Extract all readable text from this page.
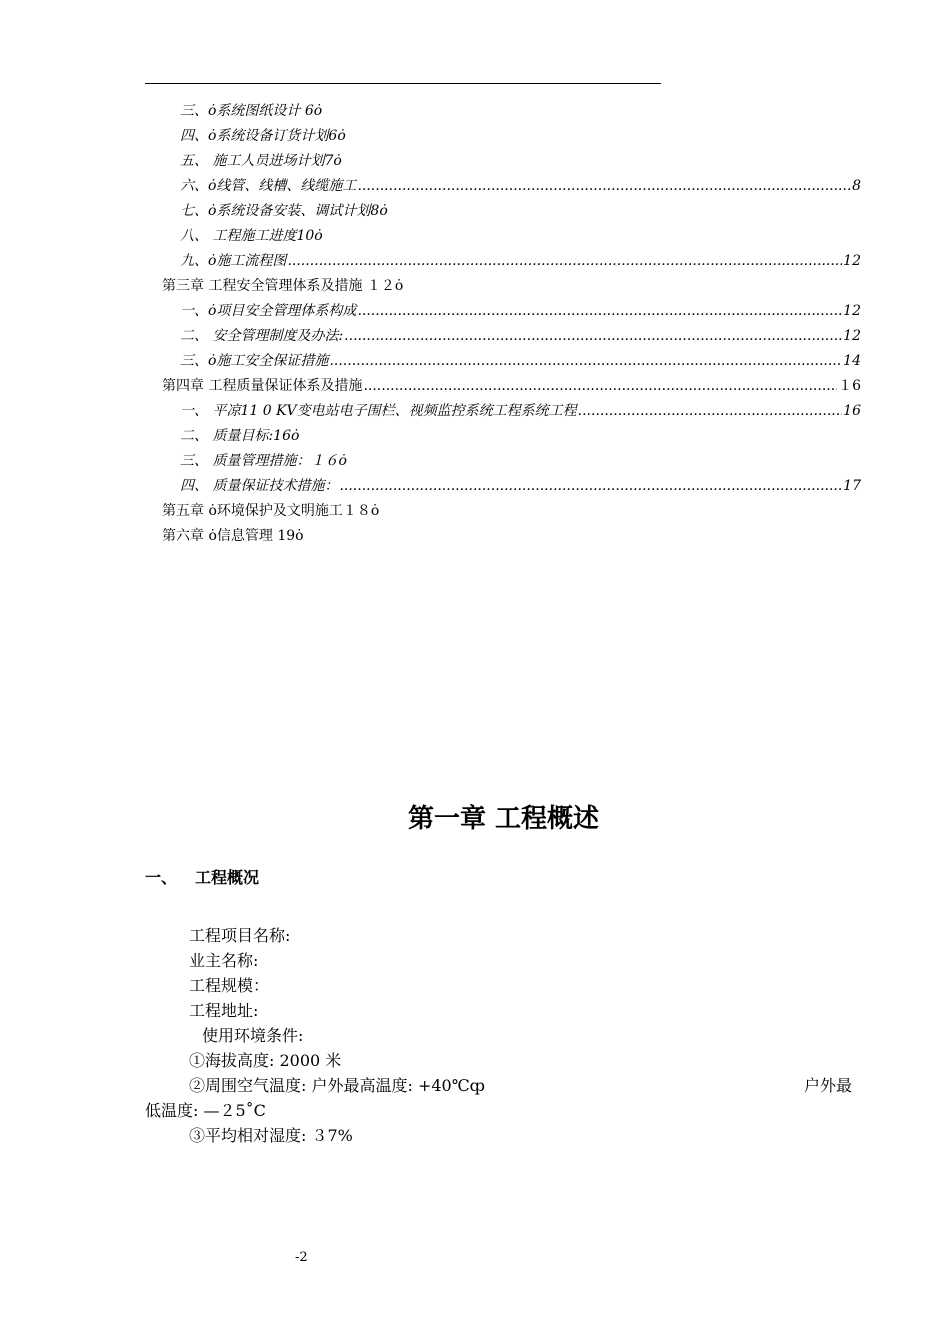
三、ȯ系统图纸设计 6ȯ
四、ȯ系统设备订货计划6ȯ
五、 施工人员进场计划7ȯ
六、ȯ线管、线槽、线缆施工 .....	8
七、ȯ系统设备安装、调试计划8ȯ
八、 工程施工进度10ȯ
九、ȯ施工流程图 .....	12
第三章 工程安全管理体系及措施 １２ȯ
一、ȯ项目安全管理体系构成 .....	12
二、 安全管理制度及办法: .....	12
三、ȯ施工安全保证措施 .....	14
第四章 工程质量保证体系及措施 .....	１6
一、 平凉11 0 KV变电站电子围栏、视频监控系统工程系统工程 .....	16
二、 质量目标:16ȯ
三、 质量管理措施：１６ȯ
四、 质量保证技术措施： .....	17
第五章 ȯ环境保护及文明施工１８ȯ
第六章 ȯ信息管理 19ȯ
第一章 工程概述
一、 工程概况
工程项目名称:
业主名称:
工程规模：
工程地址:
使用环境条件:
①海拔高度: 2000 米
②周围空气温度: 户外最高温度: +40℃ȹ	户外最
低温度: —２5˚C
③平均相对湿度: ３7%
-2
